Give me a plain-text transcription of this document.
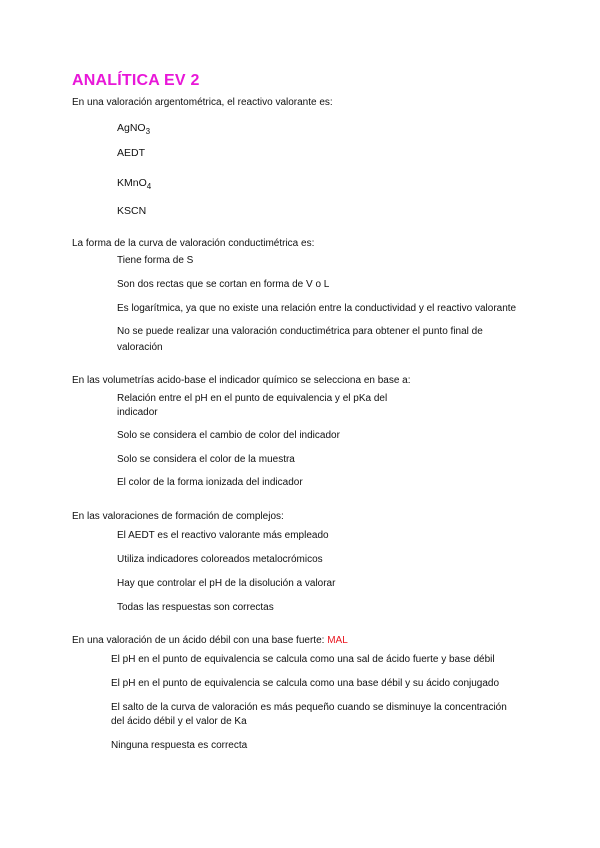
ANALÍTICA EV 2
En una valoración argentométrica, el reactivo valorante es:
AgNO$_3$
AEDT
KMnO$_4$
KSCN
La forma de la curva de valoración conductimétrica es:
Tiene forma de S
Son dos rectas que se cortan en forma de V o L
Es logarítmica, ya que no existe una relación entre la conductividad y el reactivo valorante
No se puede realizar una valoración conductimétrica para obtener el punto final de
valoración
En las volumetrías acido-base el indicador químico se selecciona en base a:
Relación entre el pH en el punto de equivalencia y el pKa del
indicador
Solo se considera el cambio de color del indicador
Solo se considera el color de la muestra
El color de la forma ionizada del indicador
En las valoraciones de formación de complejos:
El AEDT es el reactivo valorante más empleado
Utiliza indicadores coloreados metalocrómicos
Hay que controlar el pH de la disolución a valorar
Todas las respuestas son correctas
En una valoración de un ácido débil con una base fuerte: MAL
El pH en el punto de equivalencia se calcula como una sal de ácido fuerte y base débil
El pH en el punto de equivalencia se calcula como una base débil y su ácido conjugado
El salto de la curva de valoración es más pequeño cuando se disminuye la concentración
del ácido débil y el valor de Ka
Ninguna respuesta es correcta
